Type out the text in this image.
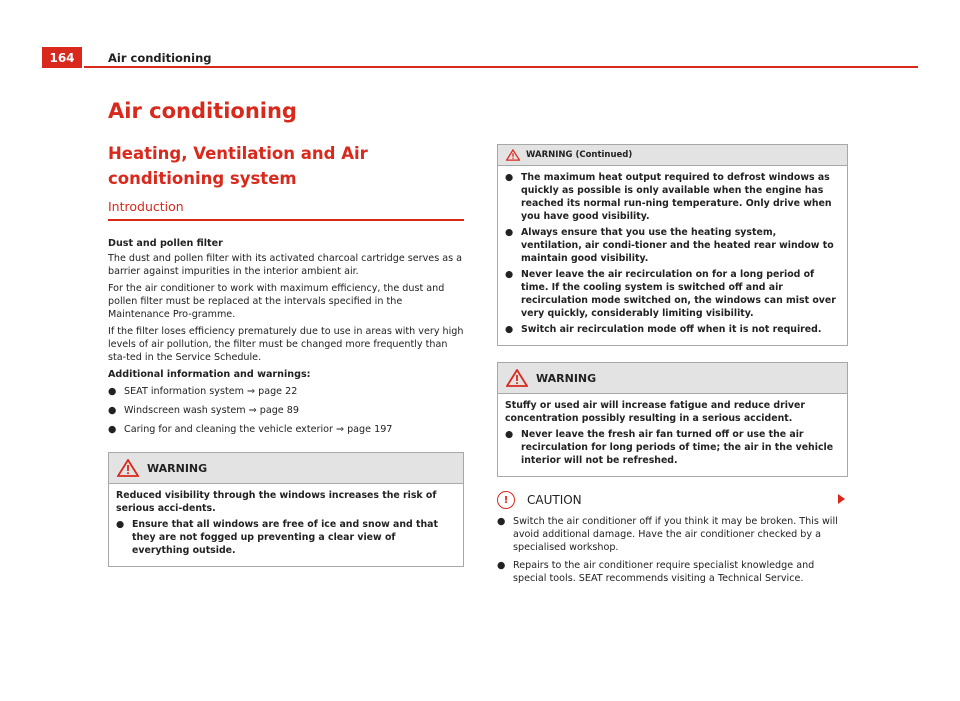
164	Air conditioning
Air conditioning
Heating, Ventilation and Air conditioning system
Introduction
Dust and pollen filter

The dust and pollen filter with its activated charcoal cartridge serves as a barrier against impurities in the interior ambient air.

For the air conditioner to work with maximum efficiency, the dust and pollen filter must be replaced at the intervals specified in the Maintenance Pro-gramme.

If the filter loses efficiency prematurely due to use in areas with very high levels of air pollution, the filter must be changed more frequently than sta-ted in the Service Schedule.

Additional information and warnings:

● SEAT information system ⇒ page 22
● Windscreen wash system ⇒ page 89
● Caring for and cleaning the vehicle exterior ⇒ page 197
WARNING

Reduced visibility through the windows increases the risk of serious acci-dents.

● Ensure that all windows are free of ice and snow and that they are not fogged up preventing a clear view of everything outside.
WARNING (Continued)
● The maximum heat output required to defrost windows as quickly as possible is only available when the engine has reached its normal run-ning temperature. Only drive when you have good visibility.
● Always ensure that you use the heating system, ventilation, air condi-tioner and the heated rear window to maintain good visibility.
● Never leave the air recirculation on for a long period of time. If the cooling system is switched off and air recirculation mode switched on, the windows can mist over very quickly, considerably limiting visibility.
● Switch air recirculation mode off when it is not required.
WARNING

Stuffy or used air will increase fatigue and reduce driver concentration possibly resulting in a serious accident.

● Never leave the fresh air fan turned off or use the air recirculation for long periods of time; the air in the vehicle interior will not be refreshed.
!	CAUTION
● Switch the air conditioner off if you think it may be broken. This will avoid additional damage. Have the air conditioner checked by a specialised workshop.
● Repairs to the air conditioner require specialist knowledge and special tools. SEAT recommends visiting a Technical Service.
